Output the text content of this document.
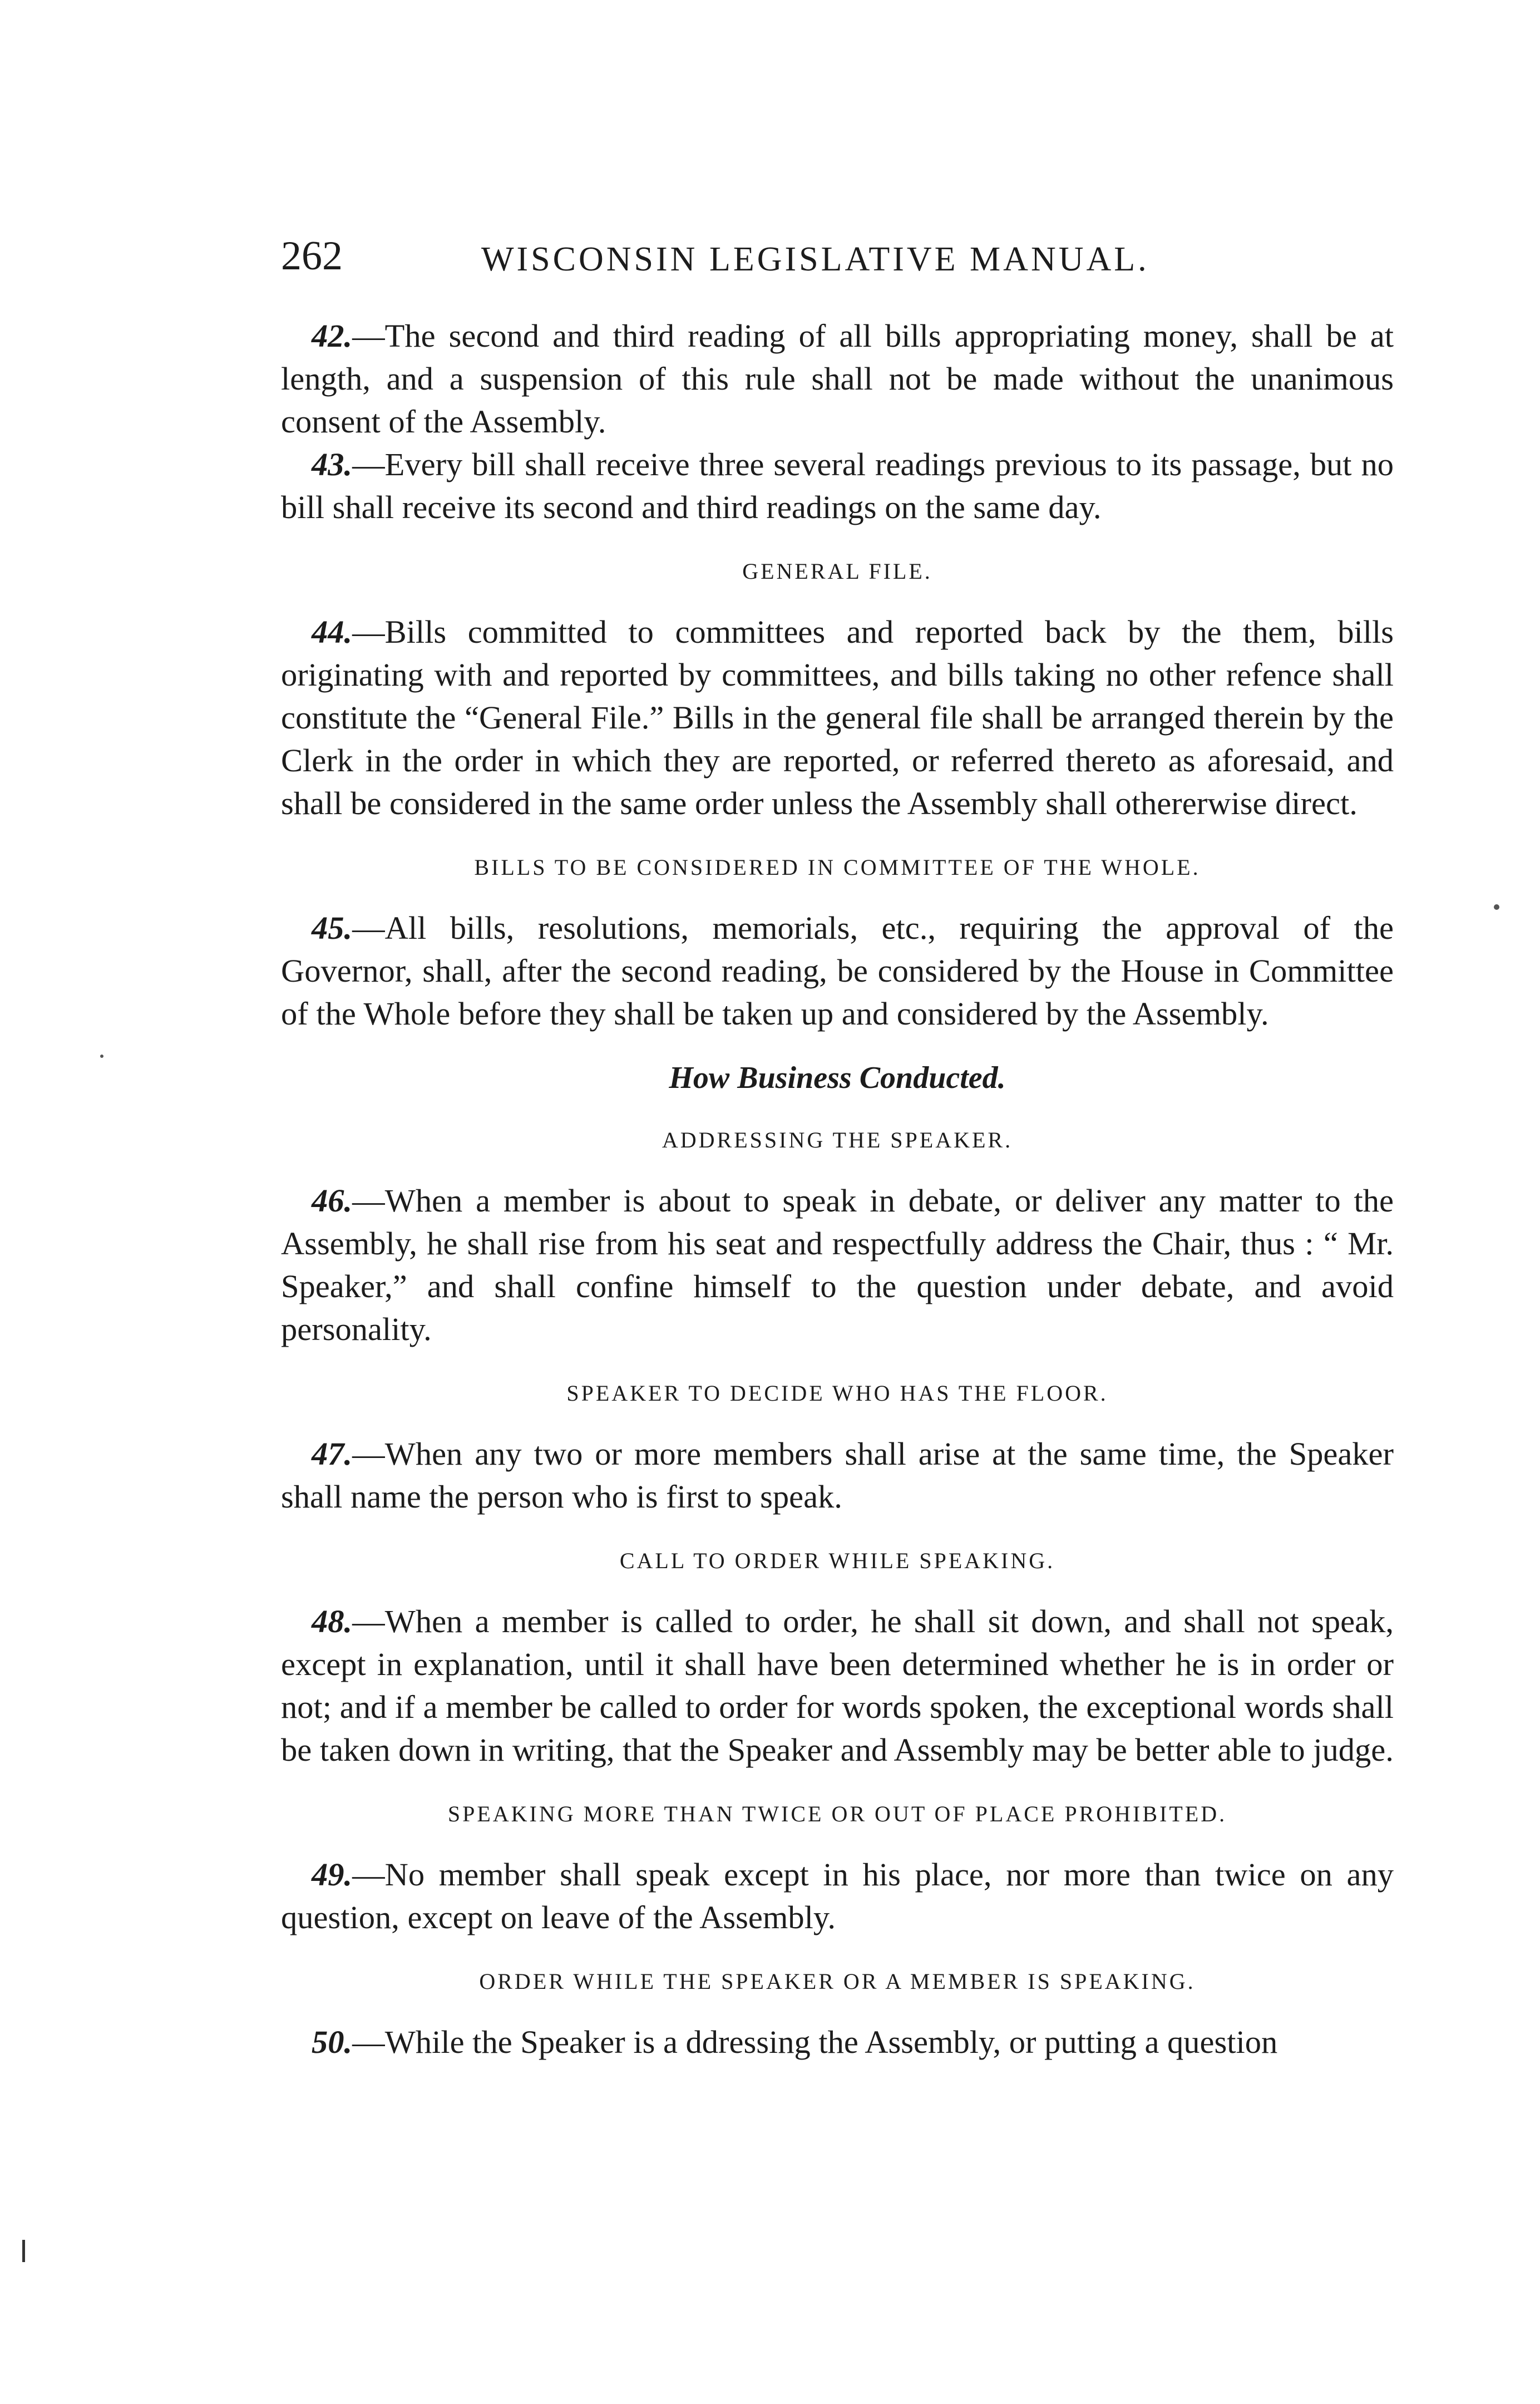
262	WISCONSIN LEGISLATIVE MANUAL.

42.—The second and third reading of all bills appropriating money, shall be at length, and a suspension of this rule shall not be made without the unanimous consent of the Assembly.

43.—Every bill shall receive three several readings previous to its passage, but no bill shall receive its second and third readings on the same day.

GENERAL FILE.

44.—Bills committed to committees and reported back by the them, bills originating with and reported by committees, and bills taking no other refence shall constitute the “General File.” Bills in the general file shall be arranged therein by the Clerk in the order in which they are reported, or referred thereto as aforesaid, and shall be considered in the same order unless the Assembly shall othererwise direct.

BILLS TO BE CONSIDERED IN COMMITTEE OF THE WHOLE.

45.—All bills, resolutions, memorials, etc., requiring the approval of the Governor, shall, after the second reading, be considered by the House in Committee of the Whole before they shall be taken up and considered by the Assembly.

How Business Conducted.
ADDRESSING THE SPEAKER.

46.—When a member is about to speak in debate, or deliver any matter to the Assembly, he shall rise from his seat and respectfully address the Chair, thus : “ Mr. Speaker,” and shall confine himself to the question under debate, and avoid personality.

SPEAKER TO DECIDE WHO HAS THE FLOOR.

47.—When any two or more members shall arise at the same time, the Speaker shall name the person who is first to speak.

CALL TO ORDER WHILE SPEAKING.

48.—When a member is called to order, he shall sit down, and shall not speak, except in explanation, until it shall have been determined whether he is in order or not; and if a member be called to order for words spoken, the exceptional words shall be taken down in writing, that the Speaker and Assembly may be better able to judge.

SPEAKING MORE THAN TWICE OR OUT OF PLACE PROHIBITED.

49.—No member shall speak except in his place, nor more than twice on any question, except on leave of the Assembly.

ORDER WHILE THE SPEAKER OR A MEMBER IS SPEAKING.

50.—While the Speaker is a ddressing the Assembly, or putting a question
